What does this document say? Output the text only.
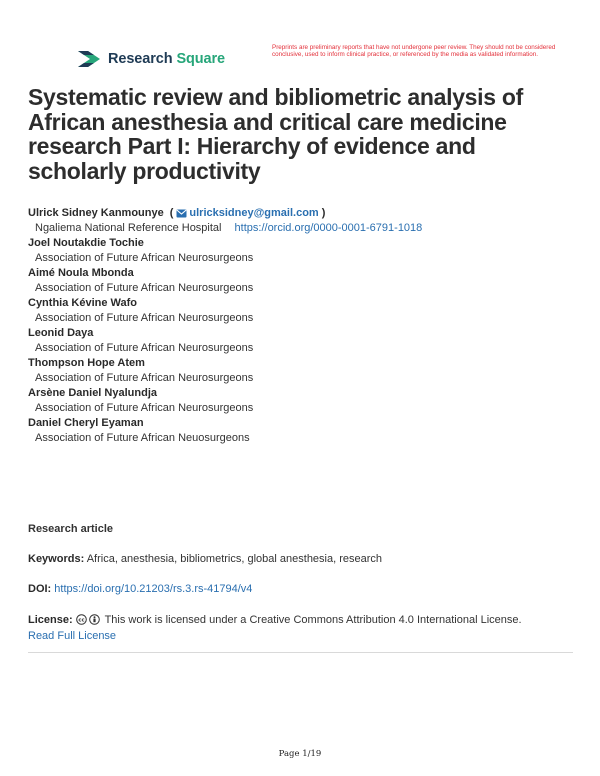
Research Square
Preprints are preliminary reports that have not undergone peer review. They should not be considered conclusive, used to inform clinical practice, or referenced by the media as validated information.
Systematic review and bibliometric analysis of African anesthesia and critical care medicine research Part I: Hierarchy of evidence and scholarly productivity
Ulrick Sidney Kanmounye ( ulricksidney@gmail.com )
Ngaliema National Reference Hospital https://orcid.org/0000-0001-6791-1018
Joel Noutakdie Tochie
Association of Future African Neurosurgeons
Aimé Noula Mbonda
Association of Future African Neurosurgeons
Cynthia Kévine Wafo
Association of Future African Neurosurgeons
Leonid Daya
Association of Future African Neurosurgeons
Thompson Hope Atem
Association of Future African Neurosurgeons
Arsène Daniel Nyalundja
Association of Future African Neurosurgeons
Daniel Cheryl Eyaman
Association of Future African Neuosurgeons
Research article
Keywords: Africa, anesthesia, bibliometrics, global anesthesia, research
DOI: https://doi.org/10.21203/rs.3.rs-41794/v4
License: cc This work is licensed under a Creative Commons Attribution 4.0 International License.
Read Full License
Page 1/19
